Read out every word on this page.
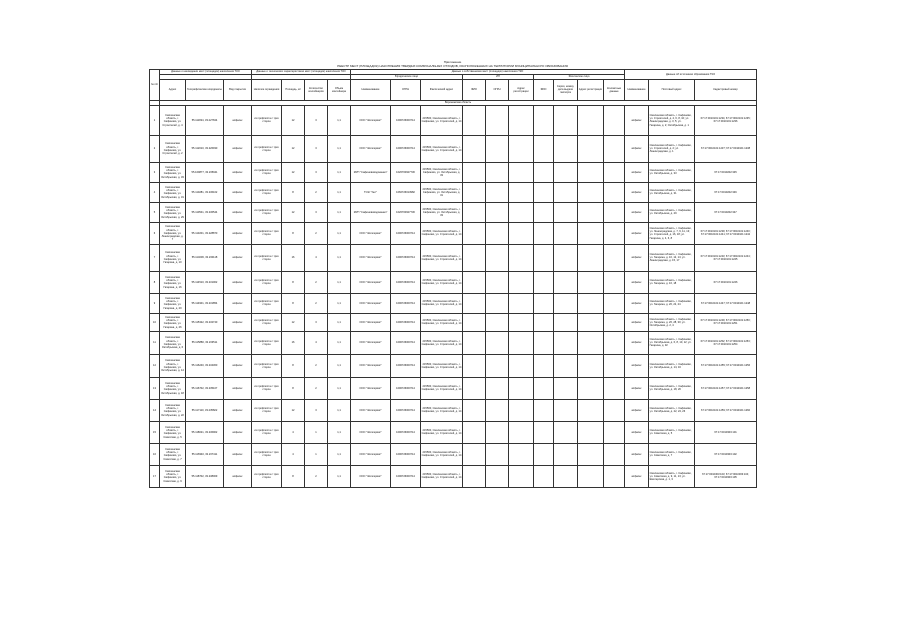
Приложение
РЕЕСТР МЕСТ (ПЛОЩАДОК) НАКОПЛЕНИЯ ТВЕРДЫХ КОММУНАЛЬНЫХ ОТХОДОВ, РАСПОЛОЖЕННЫХ НА ТЕРРИТОРИИ МУНИЦИПАЛЬНОГО ОБРАЗОВАНИЯ
№ п/п	Данные о нахождении мест (площадок) накопления ТКО			Данные о технических характеристиках мест (площадок) накопления ТКО				Данные о собственниках мест (площадок) накопления ТКО										Данные об источниках образования ТКО		
								Юридическое лицо			ИП			Физическое лицо						
	Адрес	Географические координаты	Вид покрытия	Наличие ограждения	Площадь, м²	Количество контейнеров	Объем контейнера	Наименование	ОГРН	Фактический адрес	ФИО	ОГРН	Адрес регистрации	ФИО	Серия, номер, дата выдачи паспорта	Адрес регистрации	Контактные данные	Наименование	Почтовый адрес	Кадастровый номер
	Воронежская область																			
1	Смоленская область, г. Сафоново, ул. Строителей, д. 4	55.111824, 33.227634	асфальт	из профлиста с трех сторон	12	3	1,1	ООО "Жилсервис"	1096726000714	215500, Смоленская область, г. Сафоново, ул. Строителей, д. 14								асфальт	Смоленская область, г. Сафоново, ул. Строителей, д. 4, 6, 8, 10; ул. Ленинградская, д. 3, 5; ул. Гагарина, д. 2; Октябрьская, д. 1	67:17:0010101:1234; 67:17:0010101:1235; 67:17:0010101:1236
2	Смоленская область, г. Сафоново, ул. Строителей, д. 2	55.112010, 33.226930	асфальт	из профлиста с трех сторон	12	3	1,1	ООО "Жилсервис"	1096726000714	215500, Смоленская область, г. Сафоново, ул. Строителей, д. 14								асфальт	Смоленская область, г. Сафоново, ул. Строителей, д. 2; ул. Ленинградская, д. 1	67:17:0010101:1237; 67:17:0010101:1238
3	Смоленская область, г. Сафоново, ул. Октябрьская, д. 33	55.109877, 33.235941	асфальт	из профлиста с трех сторон	12	3	1,1	МУП "Сафонововодоканал"	1026700927730	215500, Смоленская область, г. Сафоново, ул. Октябрьская, д. 33								асфальт	Смоленская область, г. Сафоново, ул. Октябрьская, д. 33	67:17:0010202:345
4	Смоленская область, г. Сафоново, ул. Октябрьская, д. 31	55.110281, 33.236102	асфальт	из профлиста с трех сторон	8	2	1,1	ТСЖ "Уют"	1066726013982	215500, Смоленская область, г. Сафоново, ул. Октябрьская, д. 31								асфальт	Смоленская область, г. Сафоново, ул. Октябрьская, д. 31	67:17:0010202:346
5	Смоленская область, г. Сафоново, ул. Октябрьская, д. 29	55.110541, 33.236544	асфальт	из профлиста с трех сторон	12	3	1,1	МУП "Сафонововодоканал"	1026700927730	215500, Смоленская область, г. Сафоново, ул. Октябрьская, д. 33								асфальт	Смоленская область, г. Сафоново, ул. Октябрьская, д. 29	67:17:0010202:347
6	Смоленская область, г. Сафоново, ул. Ленинградская, д. 7	55.113201, 33.228870	асфальт	из профлиста с трех сторон	8	2	1,1	ООО "Жилсервис"	1096726000714	215500, Смоленская область, г. Сафоново, ул. Строителей, д. 14								асфальт	Смоленская область, г. Сафоново, ул. Ленинградская, д. 7, 9, 11, 13; ул. Строителей, д. 16, 18; ул. Гагарина, д. 4, 6, 8	67:17:0010101:1239; 67:17:0010101:1240; 67:17:0010101:1241; 67:17:0010101:1242
7	Смоленская область, г. Сафоново, ул. Гагарина, д. 10	55.114006, 33.230118	асфальт	из профлиста с трех сторон	16	4	1,1	ООО "Жилсервис"	1096726000714	215500, Смоленская область, г. Сафоново, ул. Строителей, д. 14								асфальт	Смоленская область, г. Сафоново, ул. Гагарина, д. 10, 12, 14; ул. Ленинградская, д. 15, 17	67:17:0010101:1243; 67:17:0010101:1244; 67:17:0010101:1245
8	Смоленская область, г. Сафоново, ул. Гагарина, д. 16	55.114510, 33.231002	асфальт	из профлиста с трех сторон	8	2	1,1	ООО "Жилсервис"	1096726000714	215500, Смоленская область, г. Сафоново, ул. Строителей, д. 14								асфальт	Смоленская область, г. Сафоново, ул. Гагарина, д. 16, 18	67:17:0010101:1246
9	Смоленская область, г. Сафоново, ул. Гагарина, д. 20	55.114901, 33.231854	асфальт	из профлиста с трех сторон	8	2	1,1	ООО "Жилсервис"	1096726000714	215500, Смоленская область, г. Сафоново, ул. Строителей, д. 14								асфальт	Смоленская область, г. Сафоново, ул. Гагарина, д. 20, 22, 24	67:17:0010101:1247; 67:17:0010101:1248
10	Смоленская область, г. Сафоново, ул. Гагарина, д. 26	55.115322, 33.232740	асфальт	из профлиста с трех сторон	12	3	1,1	ООО "Жилсервис"	1096726000714	215500, Смоленская область, г. Сафоново, ул. Строителей, д. 14								асфальт	Смоленская область, г. Сафоново, ул. Гагарина, д. 26, 28, 30; ул. Октябрьская, д. 2, 4	67:17:0010101:1249; 67:17:0010101:1250; 67:17:0010101:1251
11	Смоленская область, г. Сафоново, ул. Октябрьская, д. 6	55.115880, 33.233511	асфальт	из профлиста с трех сторон	16	4	1,1	ООО "Жилсервис"	1096726000714	215500, Смоленская область, г. Сафоново, ул. Строителей, д. 14								асфальт	Смоленская область, г. Сафоново, ул. Октябрьская, д. 6, 8, 10, 12; ул. Гагарина, д. 32	67:17:0010101:1252; 67:17:0010101:1253; 67:17:0010101:1254
12	Смоленская область, г. Сафоново, ул. Октябрьская, д. 14	55.116240, 33.234360	асфальт	из профлиста с трех сторон	8	2	1,1	ООО "Жилсервис"	1096726000714	215500, Смоленская область, г. Сафоново, ул. Строителей, д. 14								асфальт	Смоленская область, г. Сафоново, ул. Октябрьская, д. 14, 16	67:17:0010101:1255; 67:17:0010101:1256
13	Смоленская область, г. Сафоново, ул. Октябрьская, д. 18	55.116702, 33.235107	асфальт	из профлиста с трех сторон	8	2	1,1	ООО "Жилсервис"	1096726000714	215500, Смоленская область, г. Сафоново, ул. Строителей, д. 14								асфальт	Смоленская область, г. Сафоново, ул. Октябрьская, д. 18, 20	67:17:0010101:1257; 67:17:0010101:1258
14	Смоленская область, г. Сафоново, ул. Октябрьская, д. 22	55.117110, 33.235822	асфальт	из профлиста с трех сторон	12	3	1,1	ООО "Жилсервис"	1096726000714	215500, Смоленская область, г. Сафоново, ул. Строителей, д. 14								асфальт	Смоленская область, г. Сафоново, ул. Октябрьская, д. 22, 24, 26	67:17:0010101:1259; 67:17:0010101:1260
15	Смоленская область, г. Сафоново, ул. Советская, д. 5	55.118021, 33.236902	асфальт	из профлиста с трех сторон	4	1	1,1	ООО "Жилсервис"	1096726000714	215500, Смоленская область, г. Сафоново, ул. Строителей, д. 14								асфальт	Смоленская область, г. Сафоново, ул. Советская, д. 5	67:17:0010303:101
16	Смоленская область, г. Сафоново, ул. Советская, д. 7	55.118340, 33.237411	асфальт	из профлиста с трех сторон	4	1	1,1	ООО "Жилсервис"	1096726000714	215500, Смоленская область, г. Сафоново, ул. Строителей, д. 14								асфальт	Смоленская область, г. Сафоново, ул. Советская, д. 7	67:17:0010303:102
17	Смоленская область, г. Сафоново, ул. Советская, д. 9	55.118702, 33.238009	асфальт	из профлиста с трех сторон	8	2	1,1	ООО "Жилсервис"	1096726000714	215500, Смоленская область, г. Сафоново, ул. Строителей, д. 14								асфальт	Смоленская область, г. Сафоново, ул. Советская, д. 9, 11, 13; ул. Шахтерская, д. 1, 3	67:17:0010303:103; 67:17:0010303:104; 67:17:0010303:105
